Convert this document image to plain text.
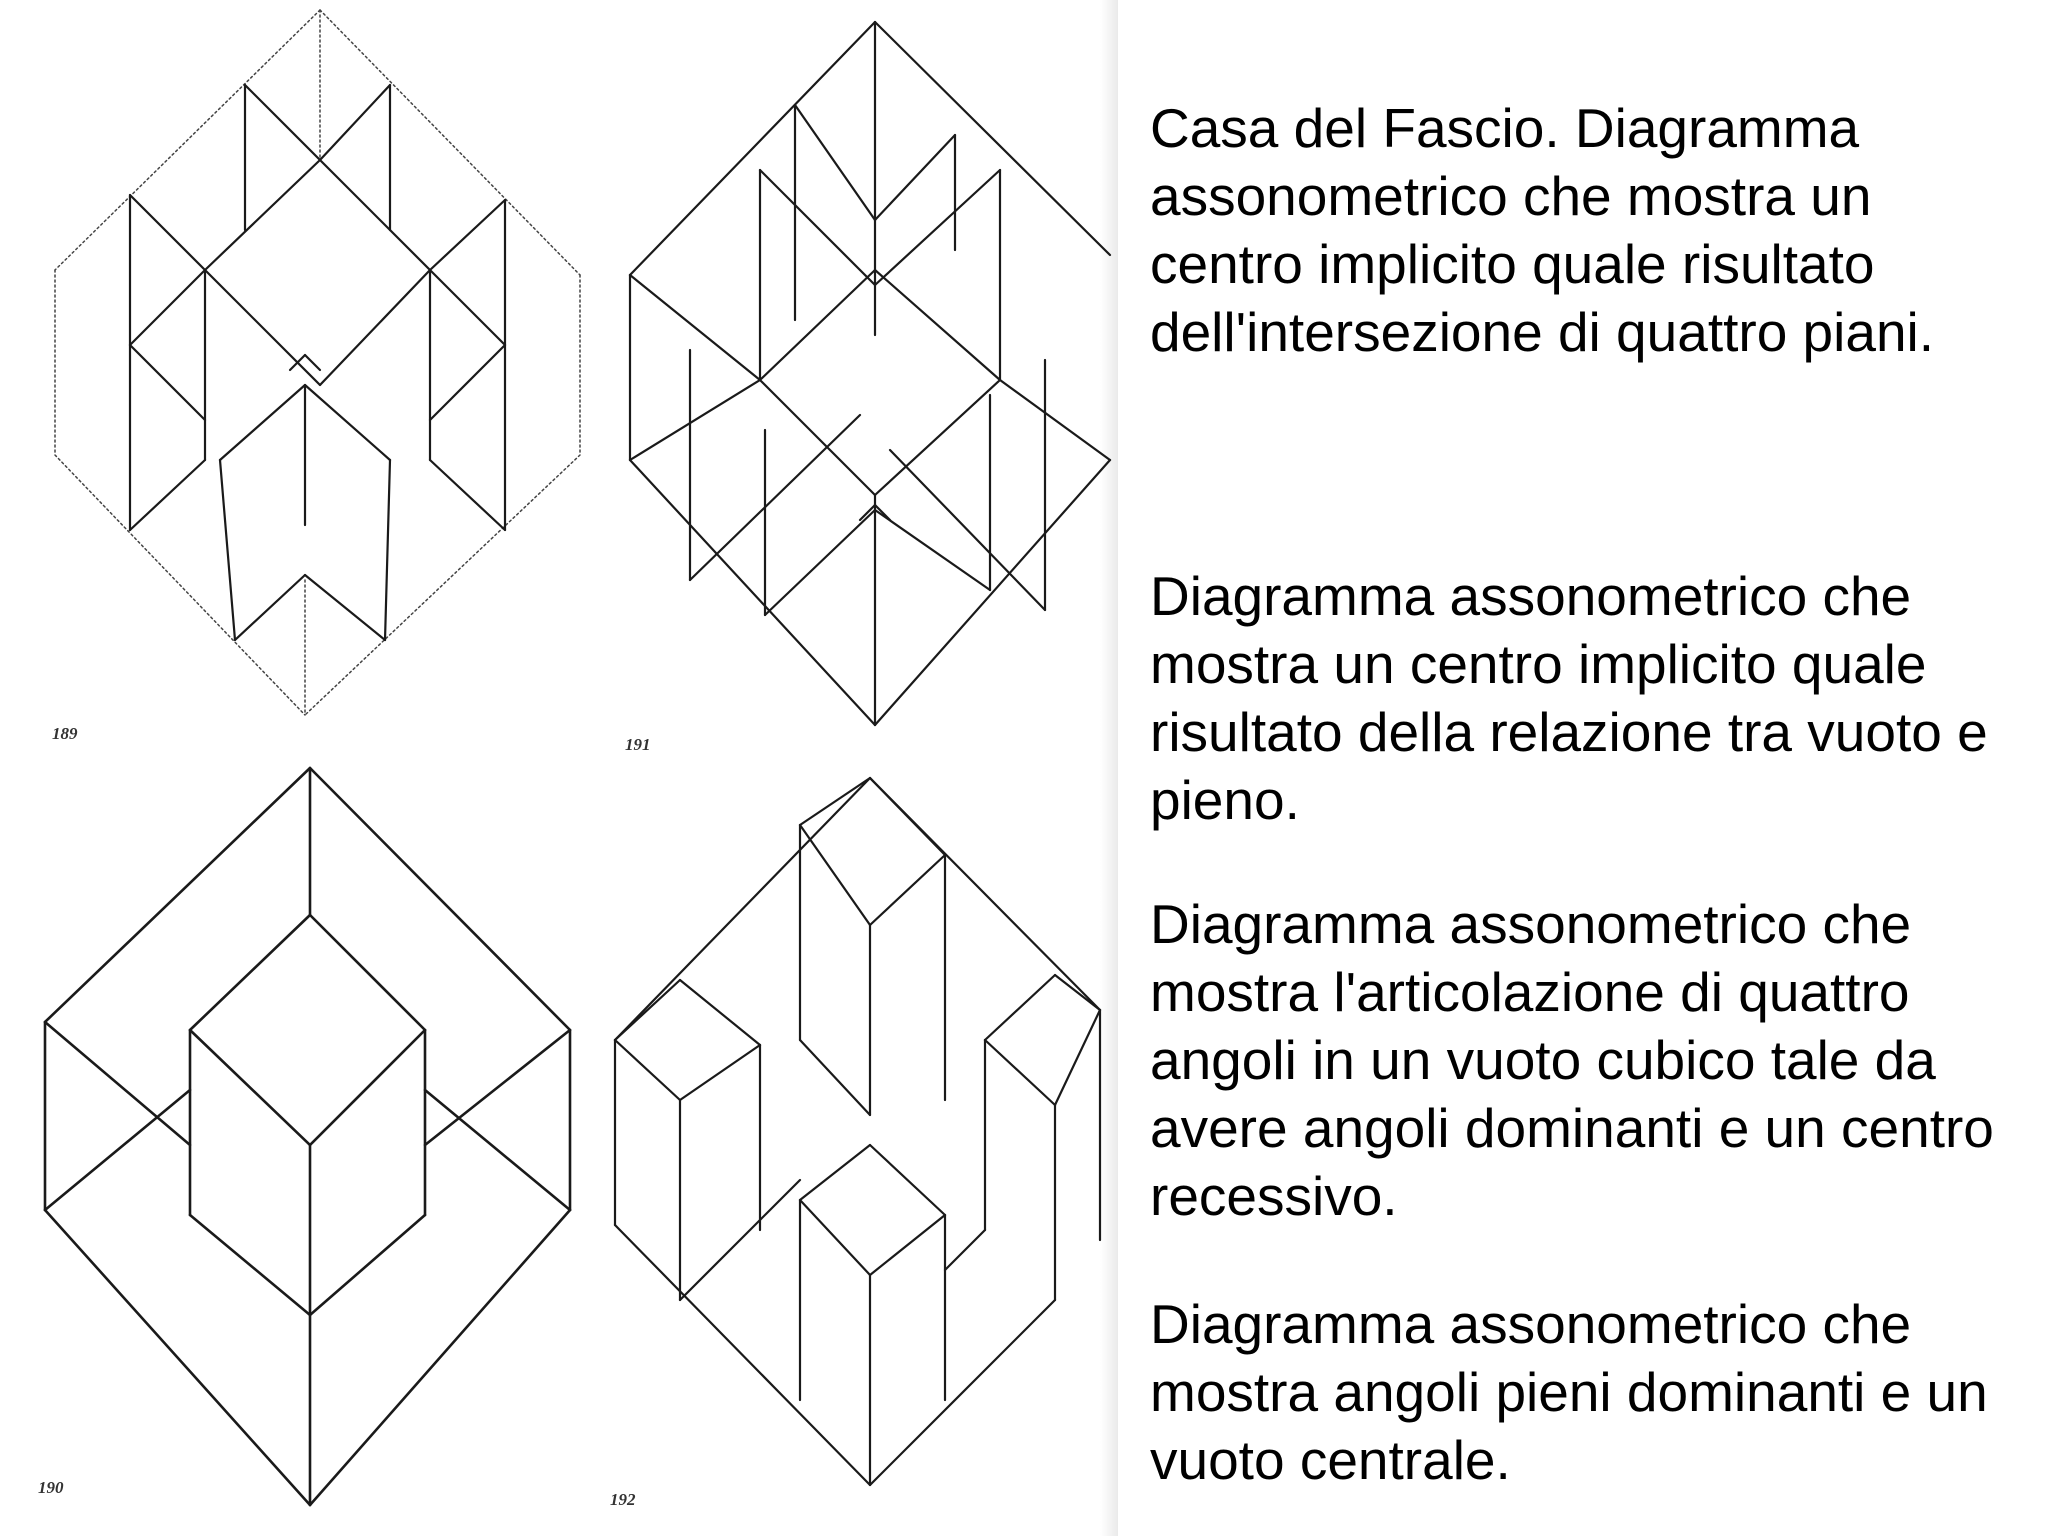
189
191
190
192

Casa del Fascio. Diagramma assonometrico che mostra un centro implicito quale risultato dell'intersezione di quattro piani.

Diagramma assonometrico che mostra un centro implicito quale risultato della relazione tra vuoto e pieno.

Diagramma assonometrico che mostra l'articolazione di quattro angoli in un vuoto cubico tale da avere angoli dominanti e un centro recessivo.

Diagramma assonometrico che mostra angoli pieni dominanti e un vuoto centrale.
